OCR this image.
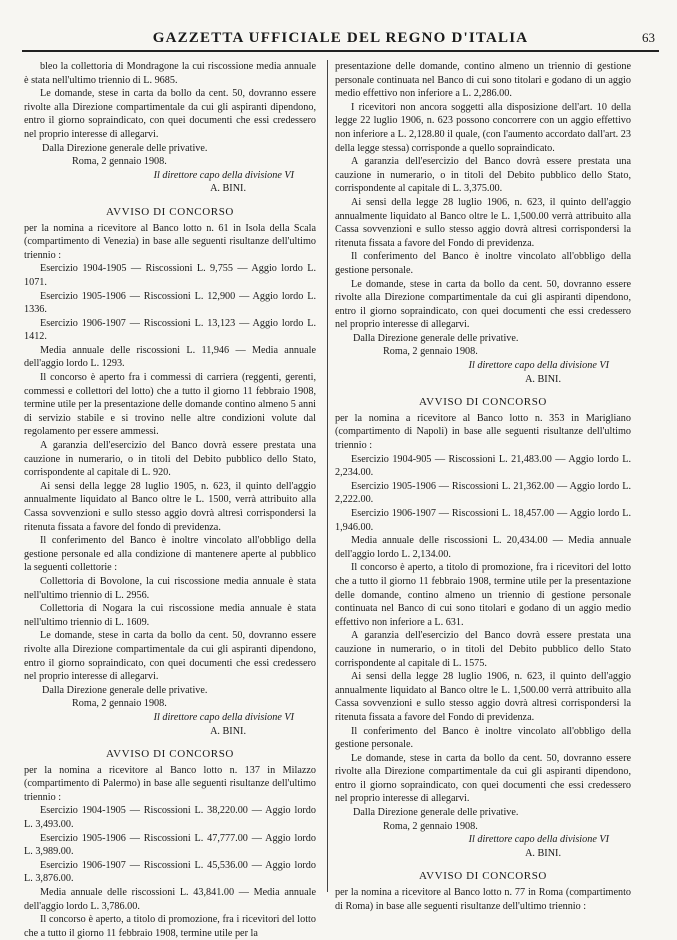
GAZZETTA UFFICIALE DEL REGNO D'ITALIA	63

bleo la collettoria di Mondragone la cui riscossione media annuale è stata nell'ultimo triennio di L. 9685.

Le domande, stese in carta da bollo da cent. 50, dovranno essere rivolte alla Direzione compartimentale da cui gli aspiranti dipendono, entro il giorno sopraindicato, con quei documenti che essi credessero nel proprio interesse di allegarvi.

Dalla Direzione generale delle privative.

Roma, 2 gennaio 1908.

Il direttore capo della divisione VI

A. BINI.

AVVISO DI CONCORSO

per la nomina a ricevitore al Banco lotto n. 61 in Isola della Scala (compartimento di Venezia) in base alle seguenti risultanze dell'ultimo triennio :

Esercizio 1904-1905 — Riscossioni L. 9,755 — Aggio lordo L. 1071.

Esercizio 1905-1906 — Riscossioni L. 12,900 — Aggio lordo L. 1336.

Esercizio 1906-1907 — Riscossioni L. 13,123 — Aggio lordo L. 1412.

Media annuale delle riscossioni L. 11,946 — Media annuale dell'aggio lordo L. 1293.

Il concorso è aperto fra i commessi di carriera (reggenti, gerenti, commessi e collettori del lotto) che a tutto il giorno 11 febbraio 1908, termine utile per la presentazione delle domande contino almeno 5 anni di servizio stabile e si trovino nelle altre condizioni volute dal regolamento per essere ammessi.

A garanzia dell'esercizio del Banco dovrà essere prestata una cauzione in numerario, o in titoli del Debito pubblico dello Stato, corrispondente al capitale di L. 920.

Ai sensi della legge 28 luglio 1905, n. 623, il quinto dell'aggio annualmente liquidato al Banco oltre le L. 1500, verrà attribuito alla Cassa sovvenzioni e sullo stesso aggio dovrà altresì corrispondersi la ritenuta fissata a favore del fondo di previdenza.

Il conferimento del Banco è inoltre vincolato all'obbligo della gestione personale ed alla condizione di mantenere aperte al pubblico la seguenti collettorie :

Collettoria di Bovolone, la cui riscossione media annuale è stata nell'ultimo triennio di L. 2956.

Collettoria di Nogara la cui riscossione media annuale è stata nell'ultimo triennio di L. 1609.

Le domande, stese in carta da bollo da cent. 50, dovranno essere rivolte alla Direzione compartimentale da cui gli aspiranti dipendono, entro il giorno sopraindicato, con quei documenti che essi credessero nel proprio interesse di allegarvi.

Dalla Direzione generale delle privative.

Roma, 2 gennaio 1908.

Il direttore capo della divisione VI

A. BINI.

AVVISO DI CONCORSO

per la nomina a ricevitore al Banco lotto n. 137 in Milazzo (compartimento di Palermo) in base alle seguenti risultanze dell'ultimo triennio :

Esercizio 1904-1905 — Riscossioni L. 38,220.00 — Aggio lordo L. 3,493.00.

Esercizio 1905-1906 — Riscossioni L. 47,777.00 — Aggio lordo L. 3,989.00.

Esercizio 1906-1907 — Riscossioni L. 45,536.00 — Aggio lordo L. 3,876.00.

Media annuale delle riscossioni L. 43,841.00 — Media annuale dell'aggio lordo L. 3,786.00.

Il concorso è aperto, a titolo di promozione, fra i ricevitori del lotto che a tutto il giorno 11 febbraio 1908, termine utile per la

presentazione delle domande, contino almeno un triennio di gestione personale continuata nel Banco di cui sono titolari e godano di un aggio medio effettivo non inferiore a L. 2,286.00.

I ricevitori non ancora soggetti alla disposizione dell'art. 10 della legge 22 luglio 1906, n. 623 possono concorrere con un aggio effettivo non inferiore a L. 2,128.80 il quale, (con l'aumento accordato dall'art. 23 della legge stessa) corrisponde a quello sopraindicato.

A garanzia dell'esercizio del Banco dovrà essere prestata una cauzione in numerario, o in titoli del Debito pubblico dello Stato, corrispondente al capitale di L. 3,375.00.

Ai sensi della legge 28 luglio 1906, n. 623, il quinto dell'aggio annualmente liquidato al Banco oltre le L. 1,500.00 verrà attribuito alla Cassa sovvenzioni e sullo stesso aggio dovrà altresì corrispondersi la ritenuta fissata a favore del Fondo di previdenza.

Il conferimento del Banco è inoltre vincolato all'obbligo della gestione personale.

Le domande, stese in carta da bollo da cent. 50, dovranno essere rivolte alla Direzione compartimentale da cui gli aspiranti dipendono, entro il giorno sopraindicato, con quei documenti che essi credessero nel proprio interesse di allegarvi.

Dalla Direzione generale delle privative.

Roma, 2 gennaio 1908.

Il direttore capo della divisione VI

A. BINI.

AVVISO DI CONCORSO

per la nomina a ricevitore al Banco lotto n. 353 in Marigliano (compartimento di Napoli) in base alle seguenti risultanze dell'ultimo triennio :

Esercizio 1904-905 — Riscossioni L. 21,483.00 — Aggio lordo L. 2,234.00.

Esercizio 1905-1906 — Riscossioni L. 21,362.00 — Aggio lordo L. 2,222.00.

Esercizio 1906-1907 — Riscossioni L. 18,457.00 — Aggio lordo L. 1,946.00.

Media annuale delle riscossioni L. 20,434.00 — Media annuale dell'aggio lordo L. 2,134.00.

Il concorso è aperto, a titolo di promozione, fra i ricevitori del lotto che a tutto il giorno 11 febbraio 1908, termine utile per la presentazione delle domande, contino almeno un triennio di gestione personale continuata nel Banco di cui sono titolari e godano di un aggio medio effettivo non inferiore a L. 631.

A garanzia dell'esercizio del Banco dovrà essere prestata una cauzione in numerario, o in titoli del Debito pubblico dello Stato corrispondente al capitale di L. 1575.

Ai sensi della legge 28 luglio 1906, n. 623, il quinto dell'aggio annualmente liquidato al Banco oltre le L. 1,500.00 verrà attribuito alla Cassa sovvenzioni e sullo stesso aggio dovrà altresì corrispondersi la ritenuta fissata a favore del Fondo di previdenza.

Il conferimento del Banco è inoltre vincolato all'obbligo della gestione personale.

Le domande, stese in carta da bollo da cent. 50, dovranno essere rivolte alla Direzione compartimentale da cui gli aspiranti dipendono, entro il giorno sopraindicato, con quei documenti che essi credessero nel proprio interesse di allegarvi.

Dalla Direzione generale delle privative.

Roma, 2 gennaio 1908.

Il direttore capo della divisione VI

A. BINI.

AVVISO DI CONCORSO

per la nomina a ricevitore al Banco lotto n. 77 in Roma (compartimento di Roma) in base alle seguenti risultanze dell'ultimo triennio :
